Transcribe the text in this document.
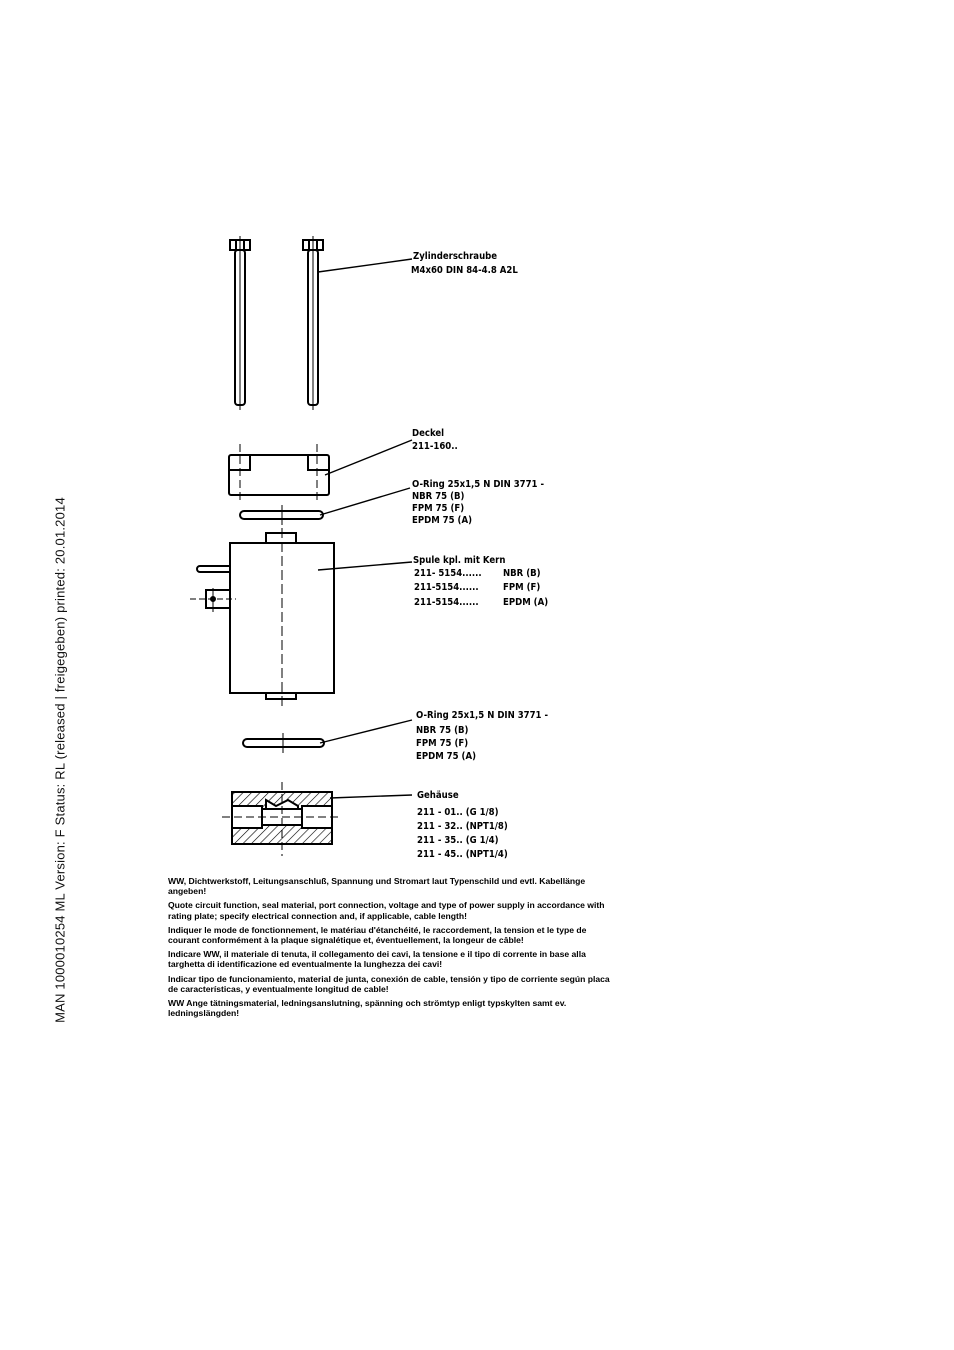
MAN 1000010254 ML Version: F Status: RL (released | freigegeben) printed: 20.01.2014
Zylinderschraube
M4x60 DIN 84-4.8 A2L
Deckel
211-160..
O-Ring 25x1,5 N DIN 3771 -
NBR 75 (B)
FPM 75 (F)
EPDM 75 (A)
Spule kpl. mit Kern
211- 5154...... NBR (B)
211-5154......	FPM (F)
211-5154......	EPDM (A)
O-Ring 25x1,5 N DIN 3771 -
NBR 75 (B)
FPM 75 (F)
EPDM 75 (A)
Gehäuse
211 - 01.. (G 1/8)
211 - 32.. (NPT1/8)
211 - 35.. (G 1/4)
211 - 45.. (NPT1/4)

WW, Dichtwerkstoff, Leitungsanschluß, Spannung und Stromart laut Typenschild und evtl. Kabellänge angeben!

Quote circuit function, seal material, port connection, voltage and type of power supply in accordance with rating plate; specify electrical connection and, if applicable, cable length!

Indiquer le mode de fonctionnement, le matériau d'étanchéité, le raccordement, la tension et le type de courant conformément à la plaque signalétique et, éventuellement, la longeur de câble!

Indicare WW, il materiale di tenuta, il collegamento dei cavi, la tensione e il tipo di corrente in base alla targhetta di identificazione ed eventualmente la lunghezza dei cavi!

Indicar tipo de funcionamiento, material de junta, conexión de cable, tensión y tipo de corriente según placa de características, y eventualmente longitud de cable!

WW Ange tätningsmaterial, ledningsanslutning, spänning och strömtyp enligt typskylten samt ev. ledningslängden!
